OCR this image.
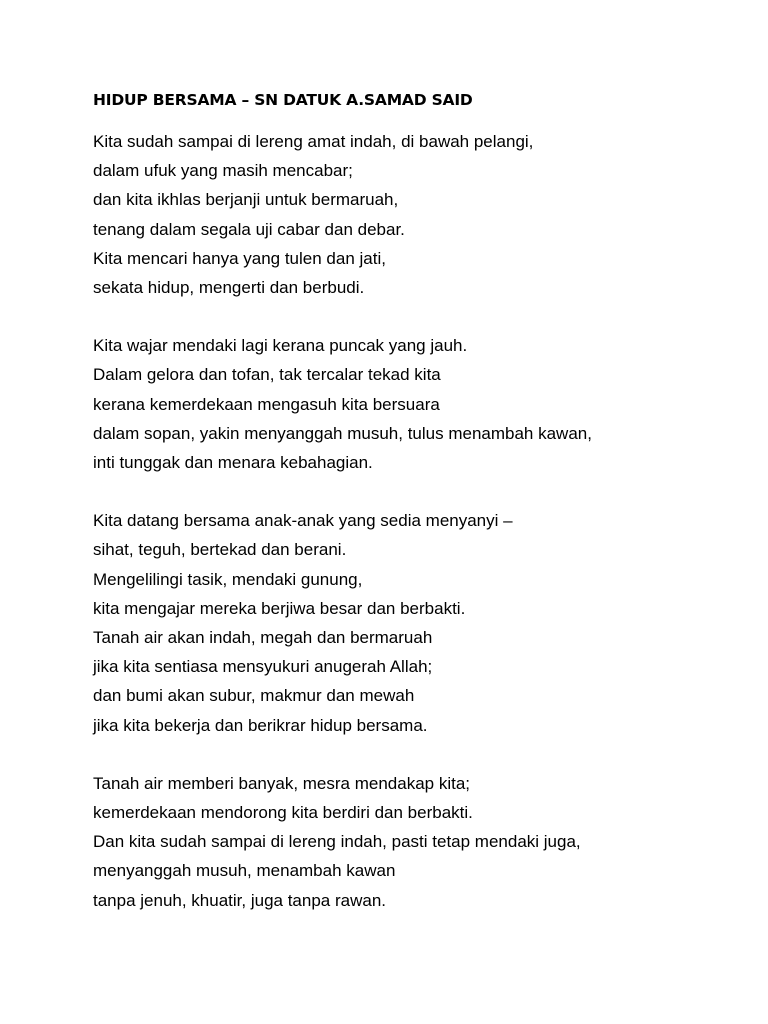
HIDUP BERSAMA – SN DATUK A.SAMAD SAID
Kita sudah sampai di lereng amat indah, di bawah pelangi,
dalam ufuk yang masih mencabar;
dan kita ikhlas berjanji untuk bermaruah,
tenang dalam segala uji cabar dan debar.
Kita mencari hanya yang tulen dan jati,
sekata hidup, mengerti dan berbudi.
Kita wajar mendaki lagi kerana puncak yang jauh.
Dalam gelora dan tofan, tak tercalar tekad kita
kerana kemerdekaan mengasuh kita bersuara
dalam sopan, yakin menyanggah musuh, tulus menambah kawan,
inti tunggak dan menara kebahagian.
Kita datang bersama anak-anak yang sedia menyanyi –
sihat, teguh, bertekad dan berani.
Mengelilingi tasik, mendaki gunung,
kita mengajar mereka berjiwa besar dan berbakti.
Tanah air akan indah, megah dan bermaruah
jika kita sentiasa mensyukuri anugerah Allah;
dan bumi akan subur, makmur dan mewah
jika kita bekerja dan berikrar hidup bersama.
Tanah air memberi banyak, mesra mendakap kita;
kemerdekaan mendorong kita berdiri dan berbakti.
Dan kita sudah sampai di lereng indah, pasti tetap mendaki juga,
menyanggah musuh, menambah kawan
tanpa jenuh, khuatir, juga tanpa rawan.
